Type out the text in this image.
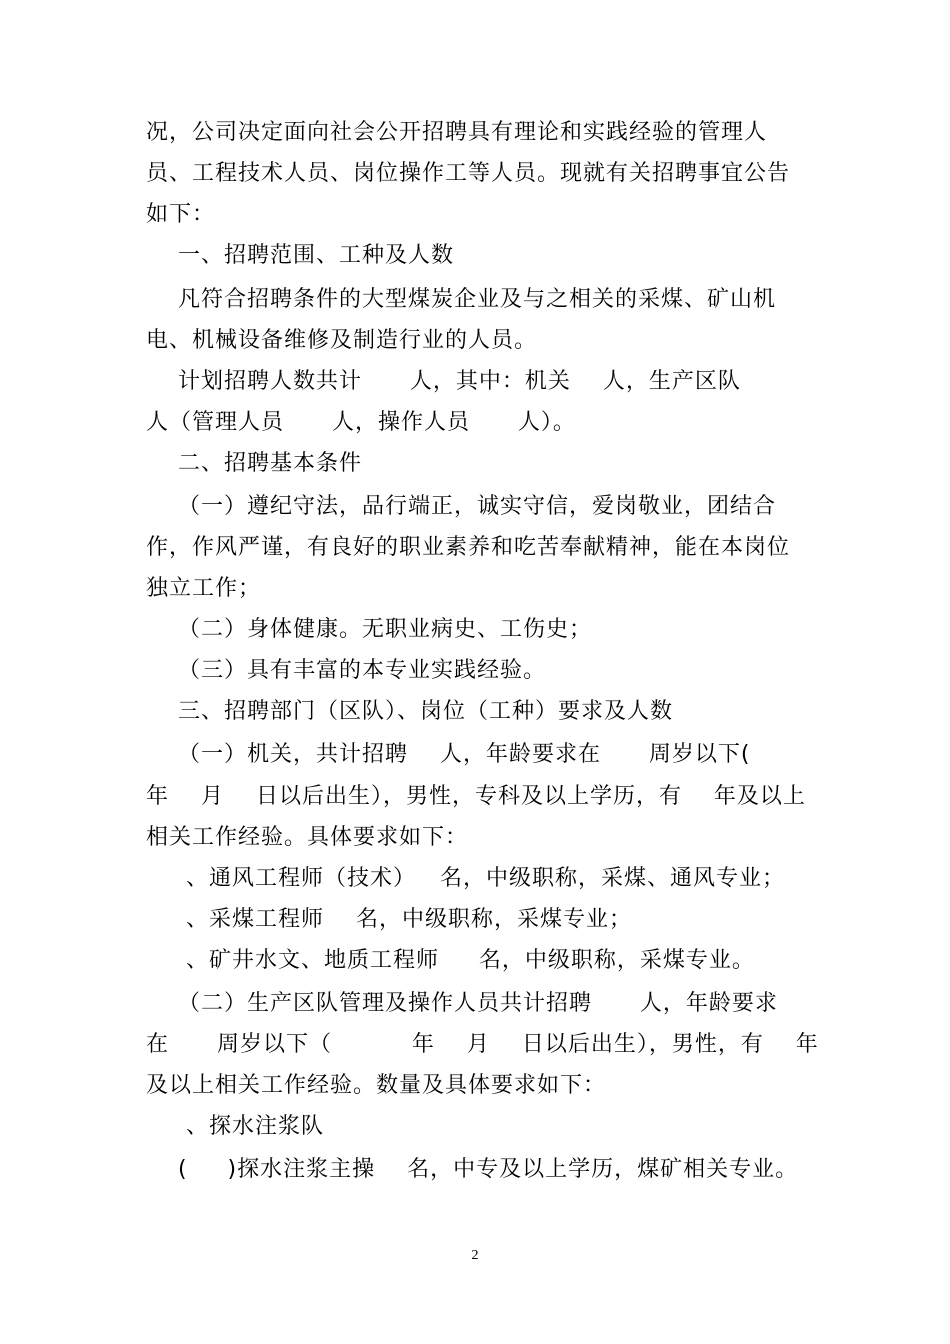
况，公司决定面向社会公开招聘具有理论和实践经验的管理人
员、工程技术人员、岗位操作工等人员。现就有关招聘事宜公告
如下：
一、招聘范围、工种及人数
凡符合招聘条件的大型煤炭企业及与之相关的采煤、矿山机
电、机械设备维修及制造行业的人员。
计划招聘人数共计      人，其中：机关    人，生产区队
人（管理人员      人，操作人员      人）。
二、招聘基本条件
（一）遵纪守法，品行端正，诚实守信，爱岗敬业，团结合
作，作风严谨，有良好的职业素养和吃苦奉献精神，能在本岗位
独立工作；
（二）身体健康。无职业病史、工伤史；
（三）具有丰富的本专业实践经验。
三、招聘部门（区队）、岗位（工种）要求及人数
（一）机关，共计招聘    人，年龄要求在      周岁以下(
年    月    日以后出生），男性，专科及以上学历，有    年及以上
相关工作经验。具体要求如下：
、通风工程师（技术）   名，中级职称，采煤、通风专业；
、采煤工程师    名，中级职称，采煤专业；
、矿井水文、地质工程师     名，中级职称，采煤专业。
（二）生产区队管理及操作人员共计招聘      人，年龄要求
在      周岁以下（          年    月    日以后出生），男性，有    年
及以上相关工作经验。数量及具体要求如下：
、探水注浆队
(     )探水注浆主操    名，中专及以上学历，煤矿相关专业。
2
